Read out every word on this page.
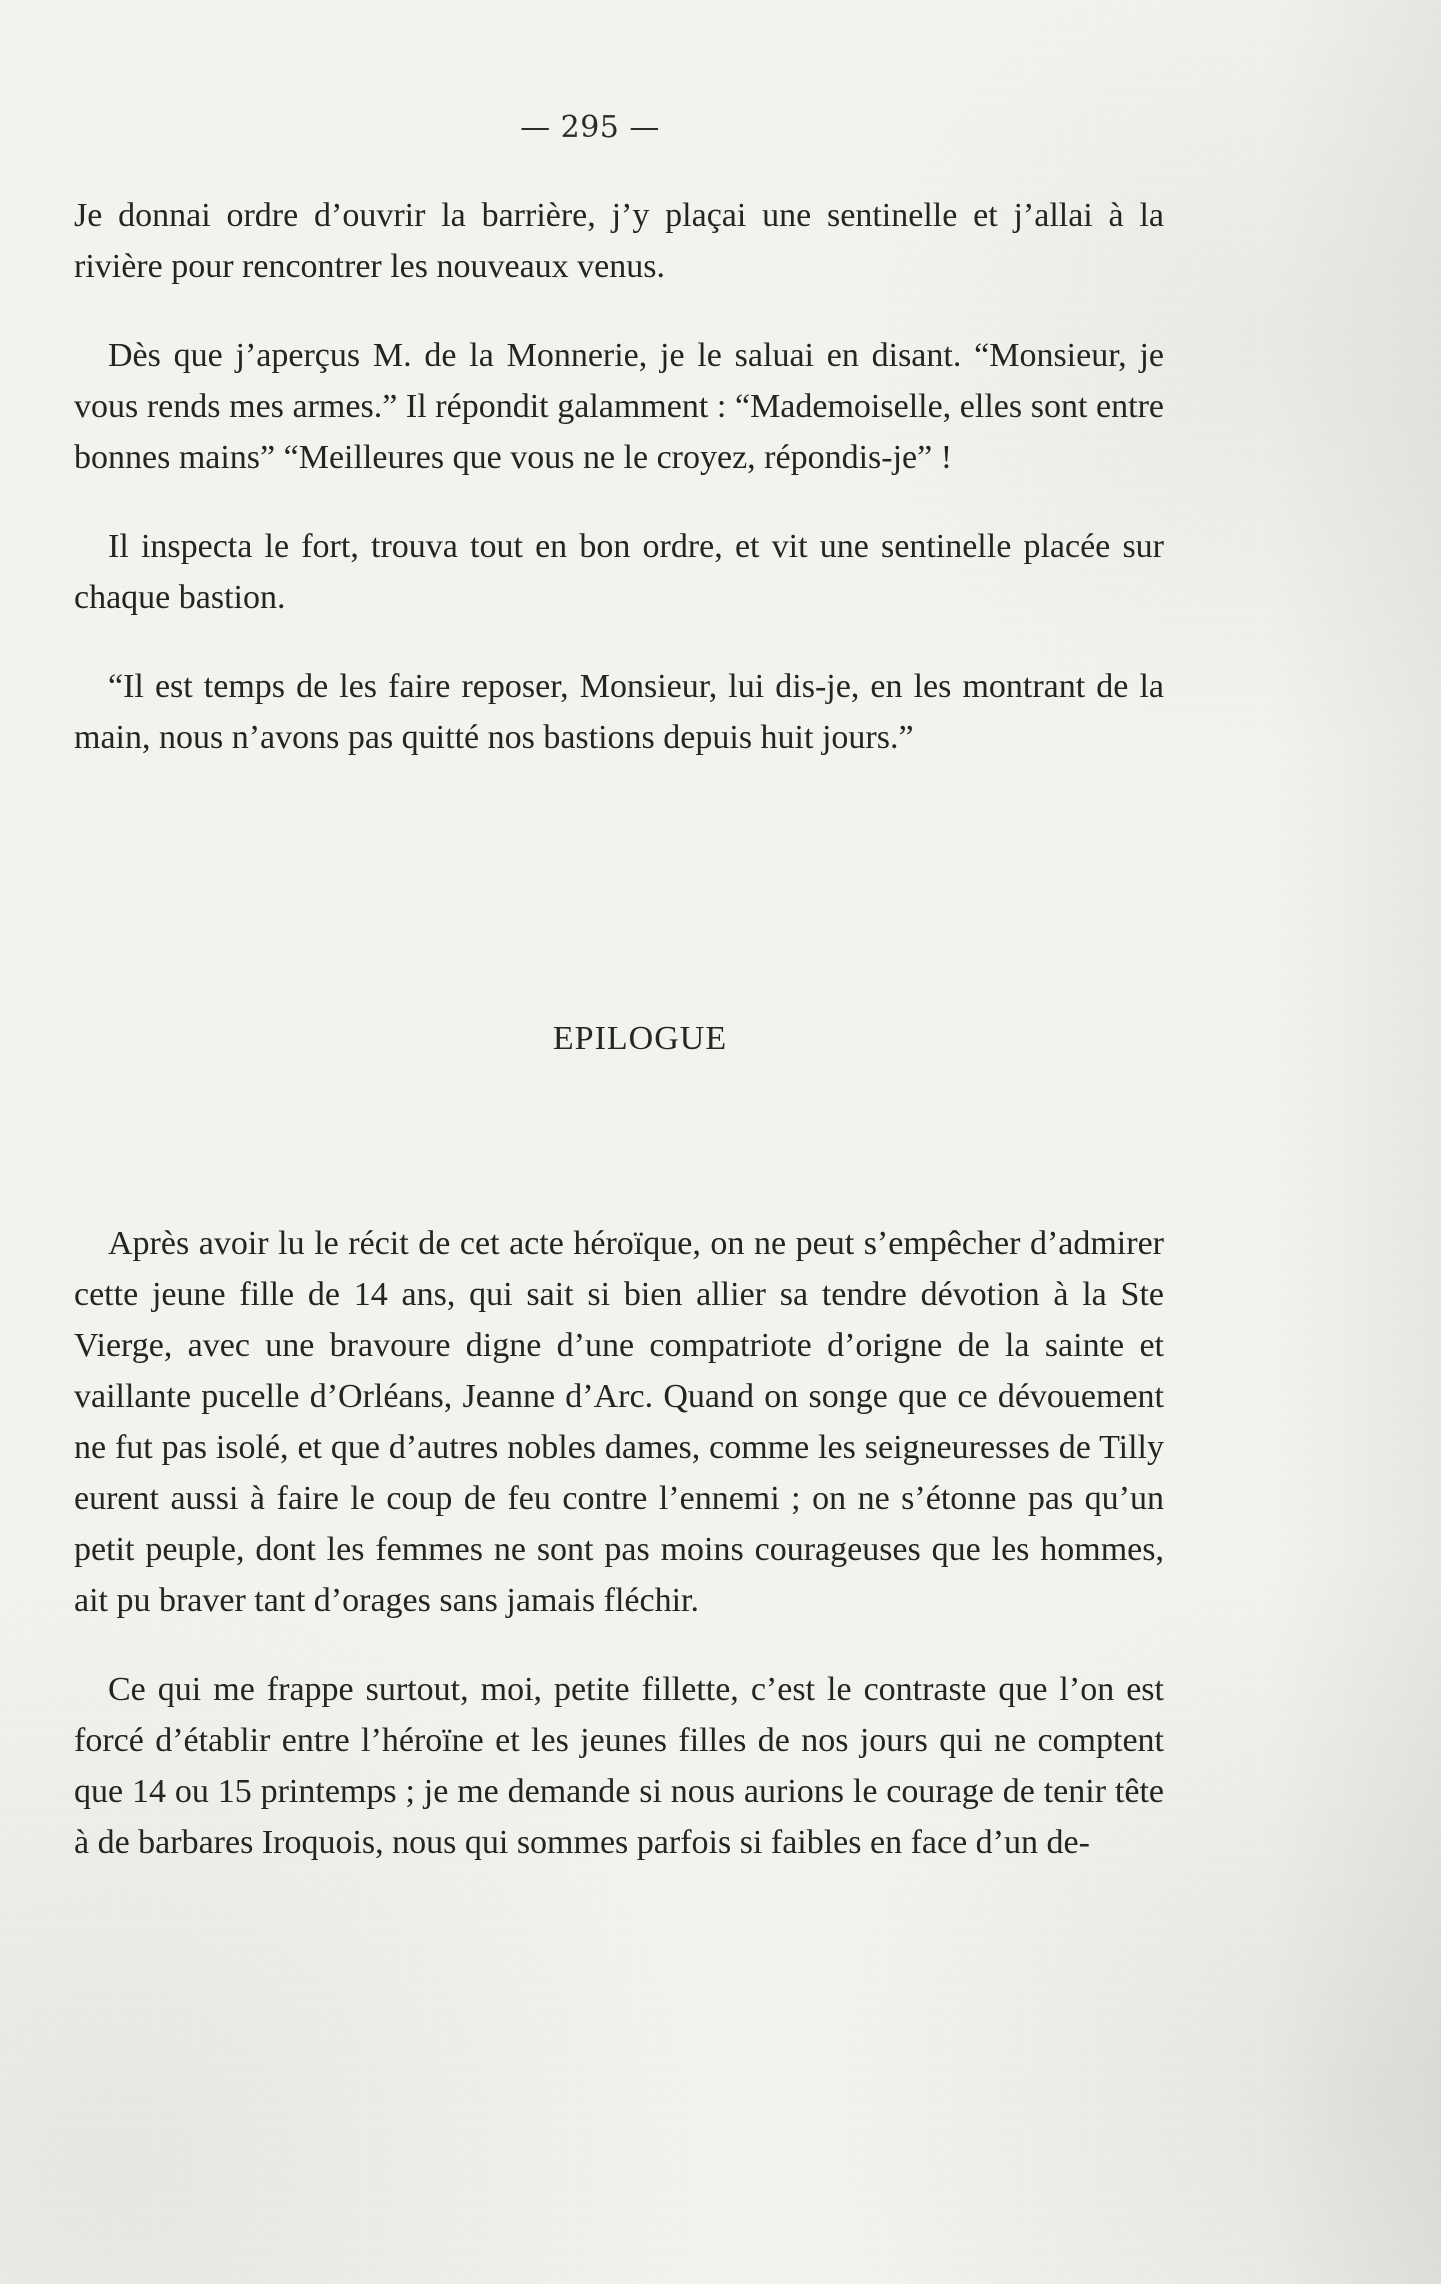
— 295 —

Je donnai ordre d’ouvrir la barrière, j’y plaçai une sentinelle et j’allai à la rivière pour rencontrer les nouveaux venus.

Dès que j’aperçus M. de la Monnerie, je le saluai en disant. “Monsieur, je vous rends mes armes.” Il répondit galamment : “Mademoiselle, elles sont entre bonnes mains” “Meilleures que vous ne le croyez, répondis-je” !

Il inspecta le fort, trouva tout en bon ordre, et vit une sentinelle placée sur chaque bastion.

“Il est temps de les faire reposer, Monsieur, lui dis-je, en les montrant de la main, nous n’avons pas quitté nos bastions depuis huit jours.”

EPILOGUE

Après avoir lu le récit de cet acte héroïque, on ne peut s’empêcher d’admirer cette jeune fille de 14 ans, qui sait si bien allier sa tendre dévotion à la Ste Vierge, avec une bravoure digne d’une compatriote d’origne de la sainte et vaillante pucelle d’Orléans, Jeanne d’Arc. Quand on songe que ce dévouement ne fut pas isolé, et que d’autres nobles dames, comme les seigneuresses de Tilly eurent aussi à faire le coup de feu contre l’ennemi ; on ne s’étonne pas qu’un petit peuple, dont les femmes ne sont pas moins courageuses que les hommes, ait pu braver tant d’orages sans jamais fléchir.

Ce qui me frappe surtout, moi, petite fillette, c’est le contraste que l’on est forcé d’établir entre l’héroïne et les jeunes filles de nos jours qui ne comptent que 14 ou 15 printemps ; je me demande si nous aurions le courage de tenir tête à de barbares Iroquois, nous qui sommes parfois si faibles en face d’un de-
